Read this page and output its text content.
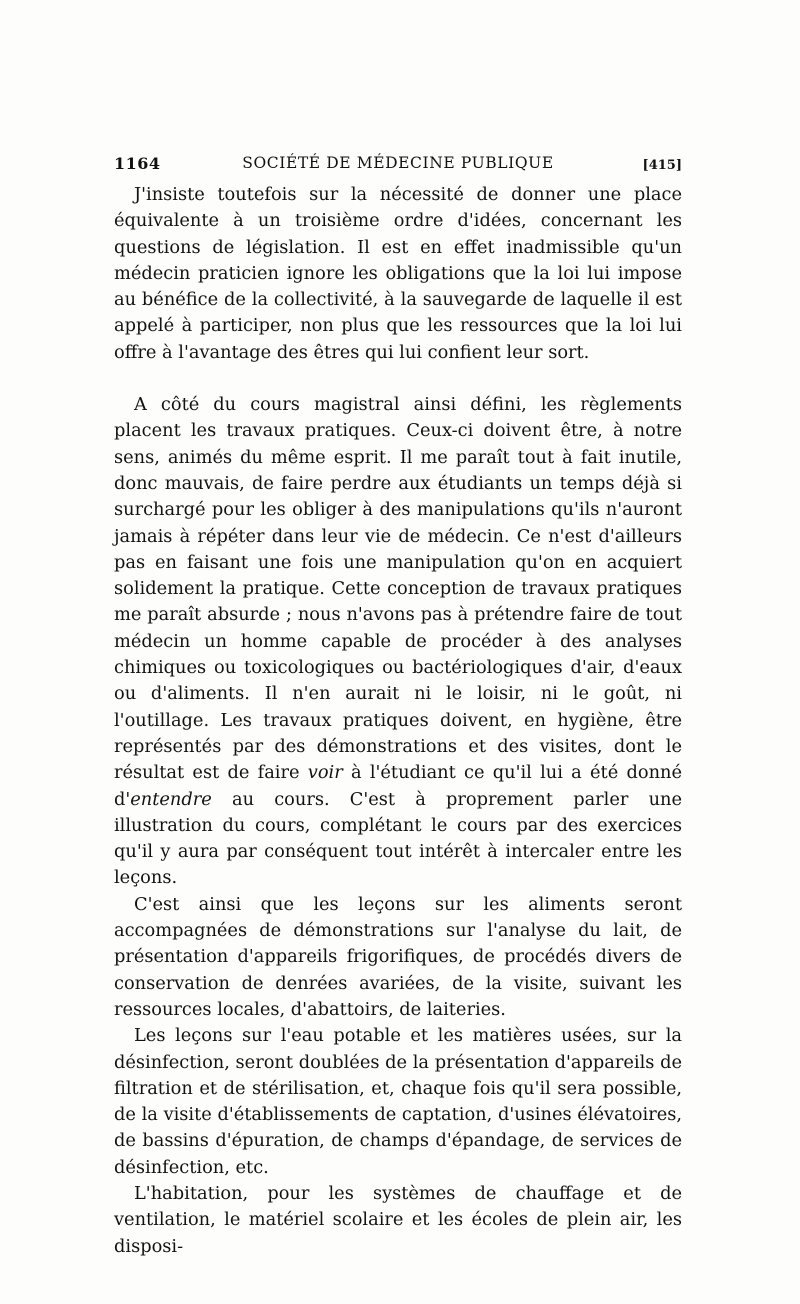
1164	SOCIÉTÉ DE MÉDECINE PUBLIQUE	[415]

J'insiste toutefois sur la nécessité de donner une place équivalente à un troisième ordre d'idées, concernant les questions de législation. Il est en effet inadmissible qu'un médecin praticien ignore les obligations que la loi lui impose au bénéfice de la collectivité, à la sauvegarde de laquelle il est appelé à participer, non plus que les ressources que la loi lui offre à l'avantage des êtres qui lui confient leur sort.

A côté du cours magistral ainsi défini, les règlements placent les travaux pratiques. Ceux-ci doivent être, à notre sens, animés du même esprit. Il me paraît tout à fait inutile, donc mauvais, de faire perdre aux étudiants un temps déjà si surchargé pour les obliger à des manipulations qu'ils n'auront jamais à répéter dans leur vie de médecin. Ce n'est d'ailleurs pas en faisant une fois une manipulation qu'on en acquiert solidement la pratique. Cette conception de travaux pratiques me paraît absurde ; nous n'avons pas à prétendre faire de tout médecin un homme capable de procéder à des analyses chimiques ou toxicologiques ou bactériologiques d'air, d'eaux ou d'aliments. Il n'en aurait ni le loisir, ni le goût, ni l'outillage. Les travaux pratiques doivent, en hygiène, être représentés par des démonstrations et des visites, dont le résultat est de faire voir à l'étudiant ce qu'il lui a été donné d'entendre au cours. C'est à proprement parler une illustration du cours, complétant le cours par des exercices qu'il y aura par conséquent tout intérêt à intercaler entre les leçons.

C'est ainsi que les leçons sur les aliments seront accompagnées de démonstrations sur l'analyse du lait, de présentation d'appareils frigorifiques, de procédés divers de conservation de denrées avariées, de la visite, suivant les ressources locales, d'abattoirs, de laiteries.

Les leçons sur l'eau potable et les matières usées, sur la désinfection, seront doublées de la présentation d'appareils de filtration et de stérilisation, et, chaque fois qu'il sera possible, de la visite d'établissements de captation, d'usines élévatoires, de bassins d'épuration, de champs d'épandage, de services de désinfection, etc.

L'habitation, pour les systèmes de chauffage et de ventilation, le matériel scolaire et les écoles de plein air, les disposi-
